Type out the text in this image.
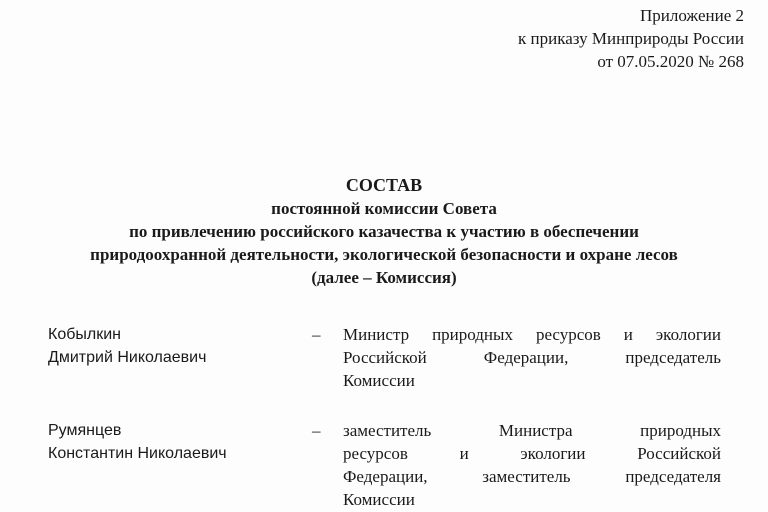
Приложение 2
к приказу Минприроды России
от 07.05.2020 № 268
СОСТАВ
постоянной комиссии Совета
по привлечению российского казачества к участию в обеспечении
природоохранной деятельности, экологической безопасности и охране лесов
(далее – Комиссия)
Кобылкин
Дмитрий Николаевич
– Министр природных ресурсов и экологии
Российской Федерации, председатель
Комиссии
Румянцев
Константин Николаевич
– заместитель Министра природных
ресурсов и экологии Российской
Федерации, заместитель председателя
Комиссии
